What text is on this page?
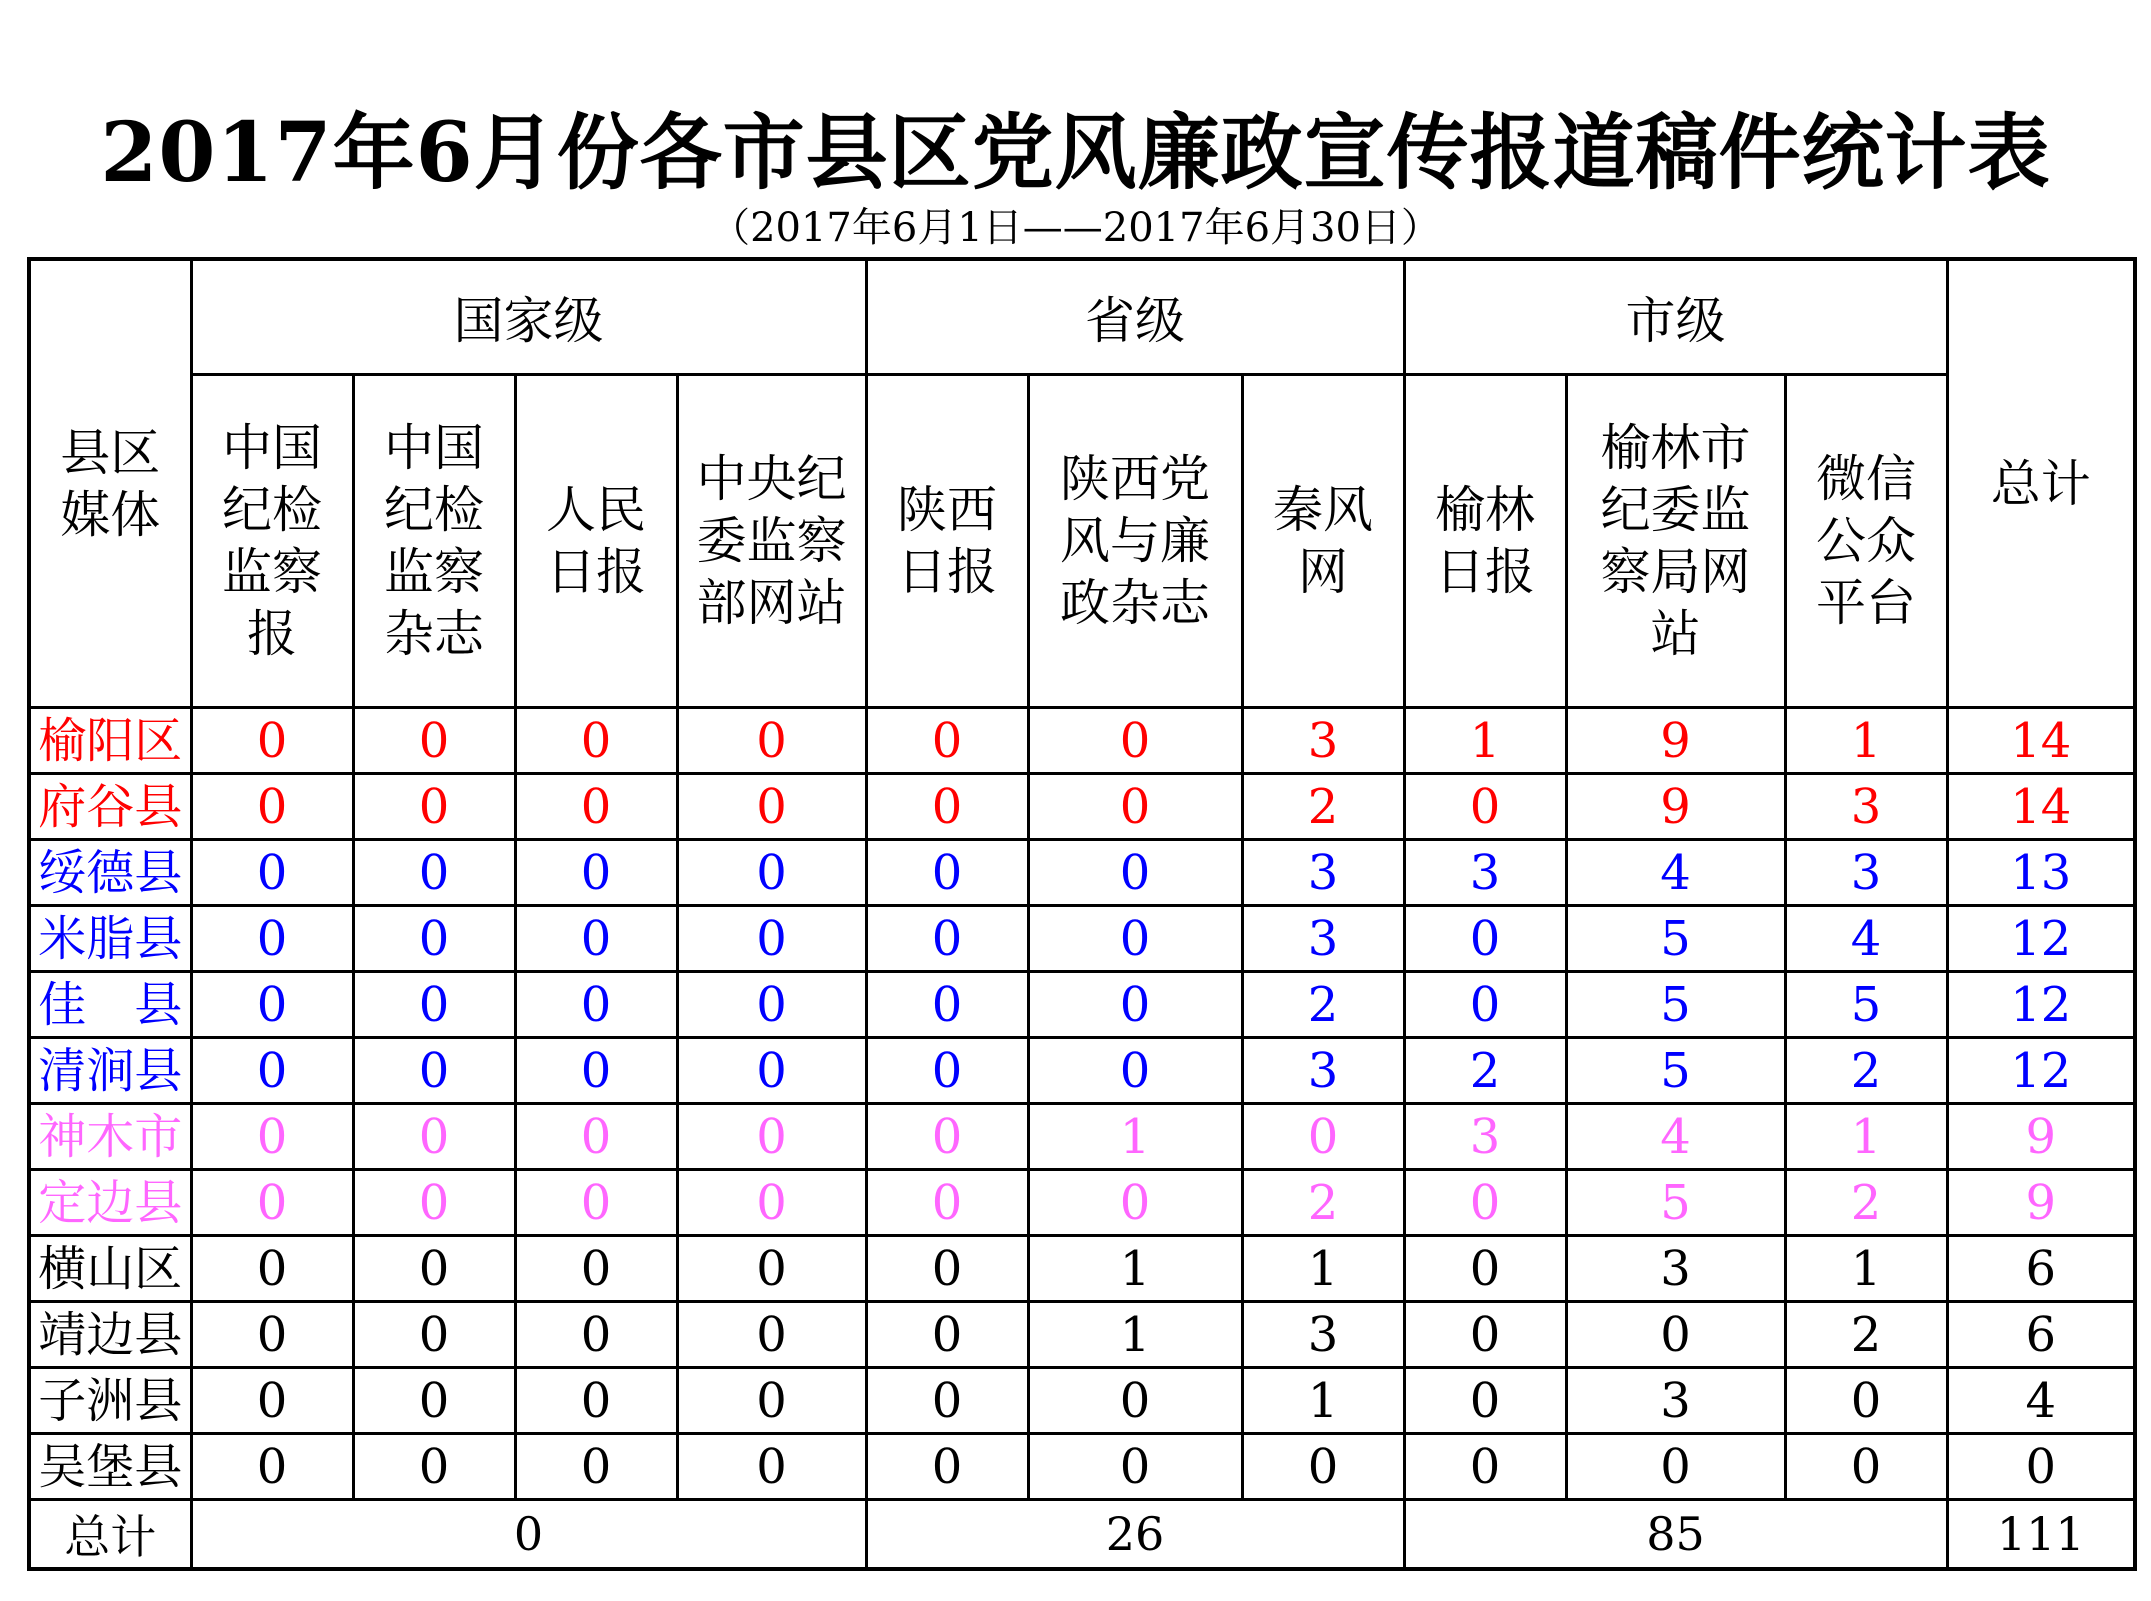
2017年6月份各市县区党风廉政宣传报道稿件统计表
（2017年6月1日——2017年6月30日）
县区
媒体	国家级				省级			市级			总计
	中国
纪检
监察
报	中国
纪检
监察
杂志	人民
日报	中央纪
委监察
部网站	陕西
日报	陕西党
风与廉
政杂志	秦风
网	榆林
日报	榆林市
纪委监
察局网
站	微信
公众
平台	
榆阳区	0	0	0	0	0	0	3	1	9	1	14
府谷县	0	0	0	0	0	0	2	0	9	3	14
绥德县	0	0	0	0	0	0	3	3	4	3	13
米脂县	0	0	0	0	0	0	3	0	5	4	12
佳　县	0	0	0	0	0	0	2	0	5	5	12
清涧县	0	0	0	0	0	0	3	2	5	2	12
神木市	0	0	0	0	0	1	0	3	4	1	9
定边县	0	0	0	0	0	0	2	0	5	2	9
横山区	0	0	0	0	0	1	1	0	3	1	6
靖边县	0	0	0	0	0	1	3	0	0	2	6
子洲县	0	0	0	0	0	0	1	0	3	0	4
吴堡县	0	0	0	0	0	0	0	0	0	0	0
总计	0				26			85			111
